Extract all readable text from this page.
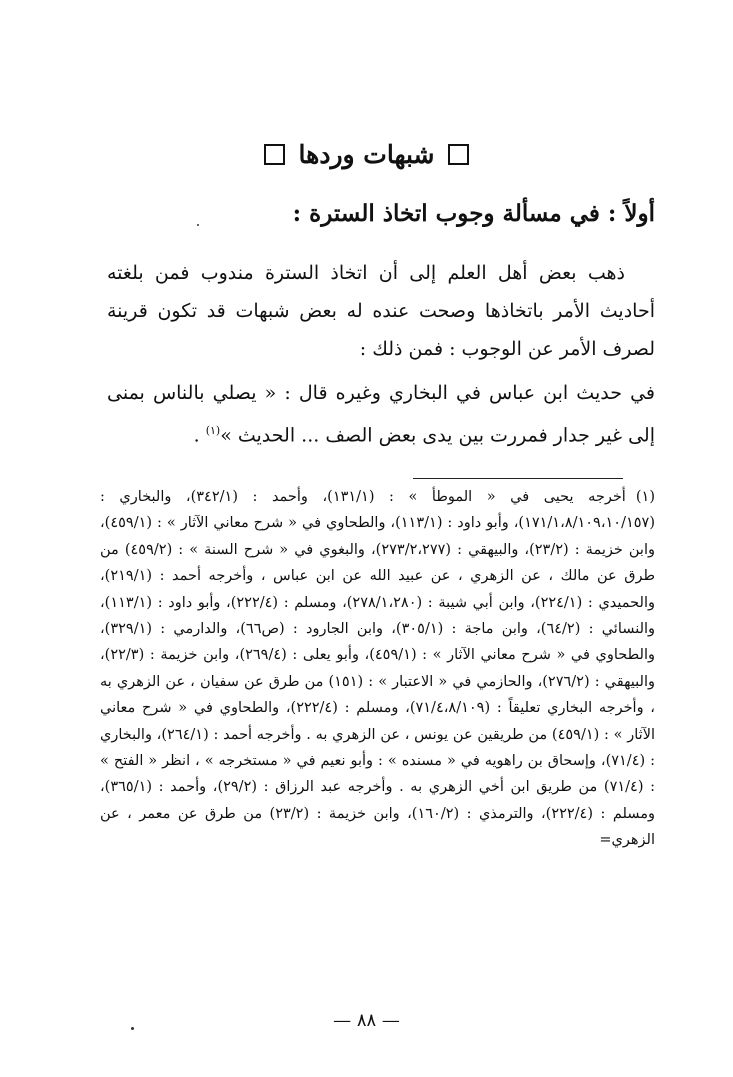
شبهات وردها
أولاً : في مسألة وجوب اتخاذ السترة :
ذهب بعض أهل العلم إلى أن اتخاذ السترة مندوب فمن بلغته أحاديث الأمر باتخاذها وصحت عنده له بعض شبهات قد تكون قرينة لصرف الأمر عن الوجوب : فمن ذلك :
في حديث ابن عباس في البخاري وغيره قال : « يصلي بالناس بمنى إلى غير جدار فمررت بين يدى بعض الصف ... الحديث »$^{(١)}$ .
(١)
أخرجه يحيى في « الموطأ » : (١٣١/١)، وأحمد : (٣٤٢/١)، والبخاري : (١٧١/١،٨/١٠٩،١٠/١٥٧)، وأبو داود : (١١٣/١)، والطحاوي في « شرح معاني الآثار » : (٤٥٩/١)، وابن خزيمة : (٢٣/٢)، والبيهقي : (٢٧٣/٢،٢٧٧)، والبغوي في « شرح السنة » : (٤٥٩/٢) من طرق عن مالك ، عن الزهري ، عن عبيد الله عن ابن عباس ، وأخرجه أحمد : (٢١٩/١)، والحميدي : (٢٢٤/١)، وابن أبي شيبة : (٢٧٨/١،٢٨٠)، ومسلم : (٢٢٢/٤)، وأبو داود : (١١٣/١)، والنسائي : (٦٤/٢)، وابن ماجة : (٣٠٥/١)، وابن الجارود : (ص٦٦)، والدارمي : (٣٢٩/١)، والطحاوي في « شرح معاني الآثار » : (٤٥٩/١)، وأبو يعلى : (٢٦٩/٤)، وابن خزيمة : (٢٢/٣)، والبيهقي : (٢٧٦/٢)، والحازمي في « الاعتبار » : (١٥١) من طرق عن سفيان ، عن الزهري به ، وأخرجه البخاري تعليقاً : (٧١/٤،٨/١٠٩)، ومسلم : (٢٢٢/٤)، والطحاوي في « شرح معاني الآثار » : (٤٥٩/١) من طريقين عن يونس ، عن الزهري به . وأخرجه أحمد : (٢٦٤/١)، والبخاري : (٧١/٤)، وإسحاق بن راهويه في « مسنده » : وأبو نعيم في « مستخرجه » ، انظر « الفتح » : (٧١/٤) من طريق ابن أخي الزهري به . وأخرجه عبد الرزاق : (٢٩/٢)، وأحمد : (٣٦٥/١)، ومسلم : (٢٢٢/٤)، والترمذي : (١٦٠/٢)، وابن خزيمة : (٢٣/٢) من طرق عن معمر ، عن الزهري=
— ٨٨ —
